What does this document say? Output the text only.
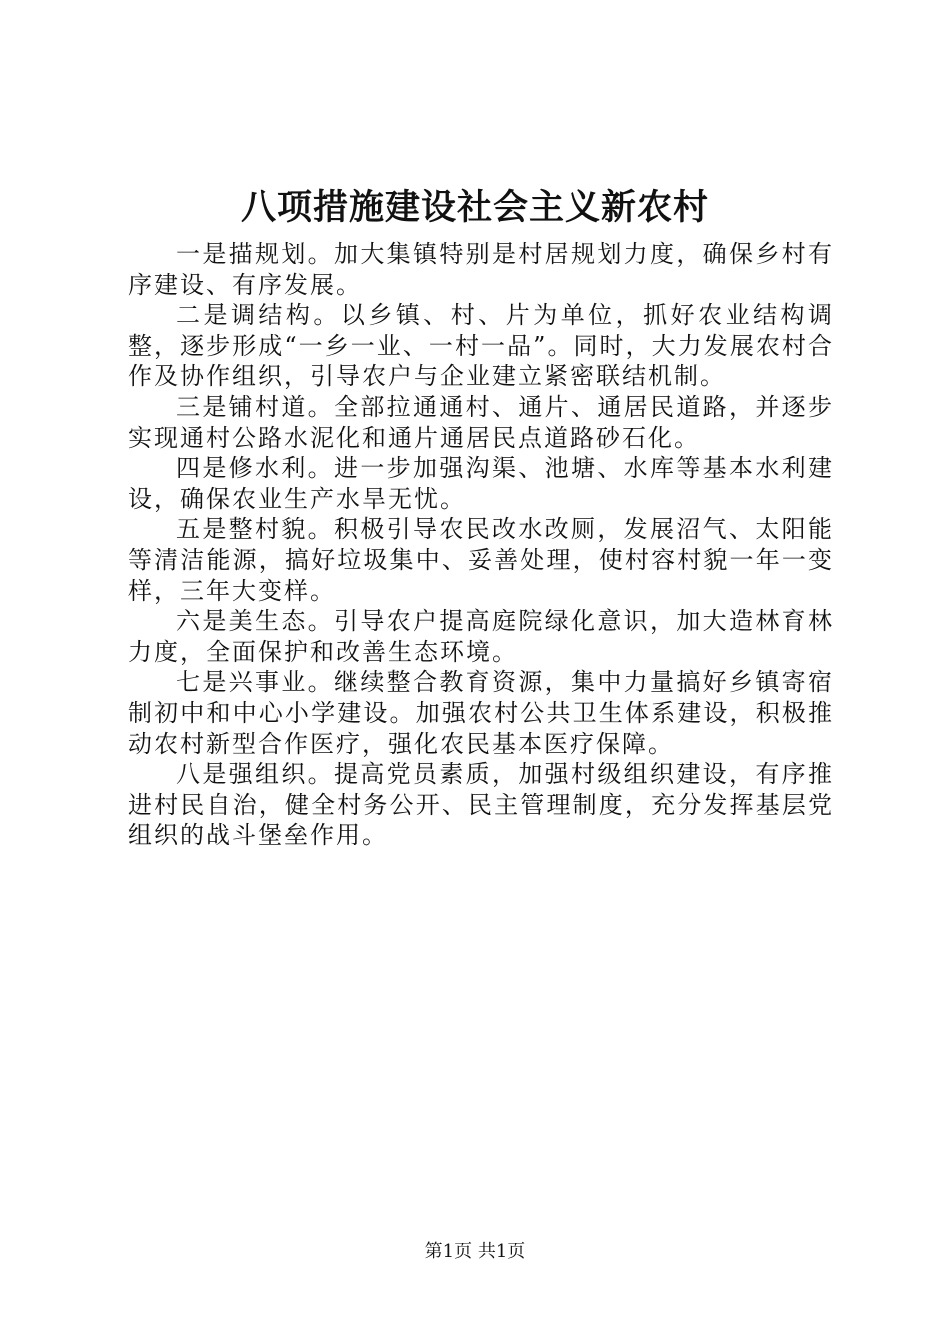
八项措施建设社会主义新农村

一是描规划。加大集镇特别是村居规划力度，确保乡村有序建设、有序发展。

二是调结构。以乡镇、村、片为单位，抓好农业结构调整，逐步形成“一乡一业、一村一品”。同时，大力发展农村合作及协作组织，引导农户与企业建立紧密联结机制。

三是铺村道。全部拉通通村、通片、通居民道路，并逐步实现通村公路水泥化和通片通居民点道路砂石化。

四是修水利。进一步加强沟渠、池塘、水库等基本水利建设，确保农业生产水旱无忧。

五是整村貌。积极引导农民改水改厕，发展沼气、太阳能等清洁能源，搞好垃圾集中、妥善处理，使村容村貌一年一变样，三年大变样。

六是美生态。引导农户提高庭院绿化意识，加大造林育林力度，全面保护和改善生态环境。

七是兴事业。继续整合教育资源，集中力量搞好乡镇寄宿制初中和中心小学建设。加强农村公共卫生体系建设，积极推动农村新型合作医疗，强化农民基本医疗保障。

八是强组织。提高党员素质，加强村级组织建设，有序推进村民自治，健全村务公开、民主管理制度，充分发挥基层党组织的战斗堡垒作用。

第1页 共1页
